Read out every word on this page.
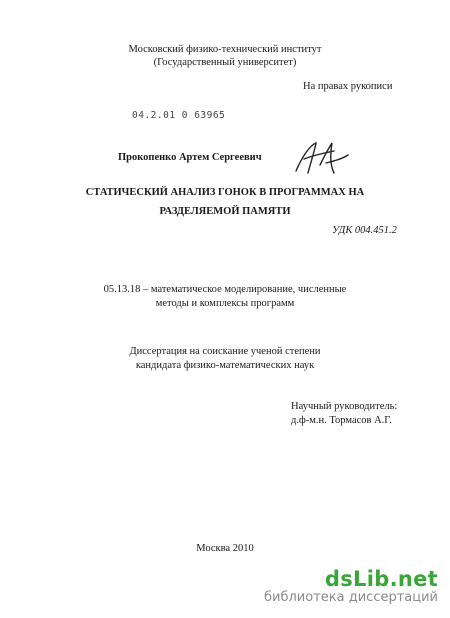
Московский физико-технический институт
(Государственный университет)
На правах рукописи
04.2.01 0 63965
Прокопенко Артем Сергеевич
СТАТИЧЕСКИЙ АНАЛИЗ ГОНОК В ПРОГРАММАХ НА
РАЗДЕЛЯЕМОЙ ПАМЯТИ
УДК 004.451.2
05.13.18 – математическое моделирование, численные
методы и комплексы программ
Диссертация на соискание ученой степени
кандидата физико-математических наук
Научный руководитель:
д.ф-м.н. Тормасов А.Г.
Москва 2010
dsLib.net
библиотека диссертаций
